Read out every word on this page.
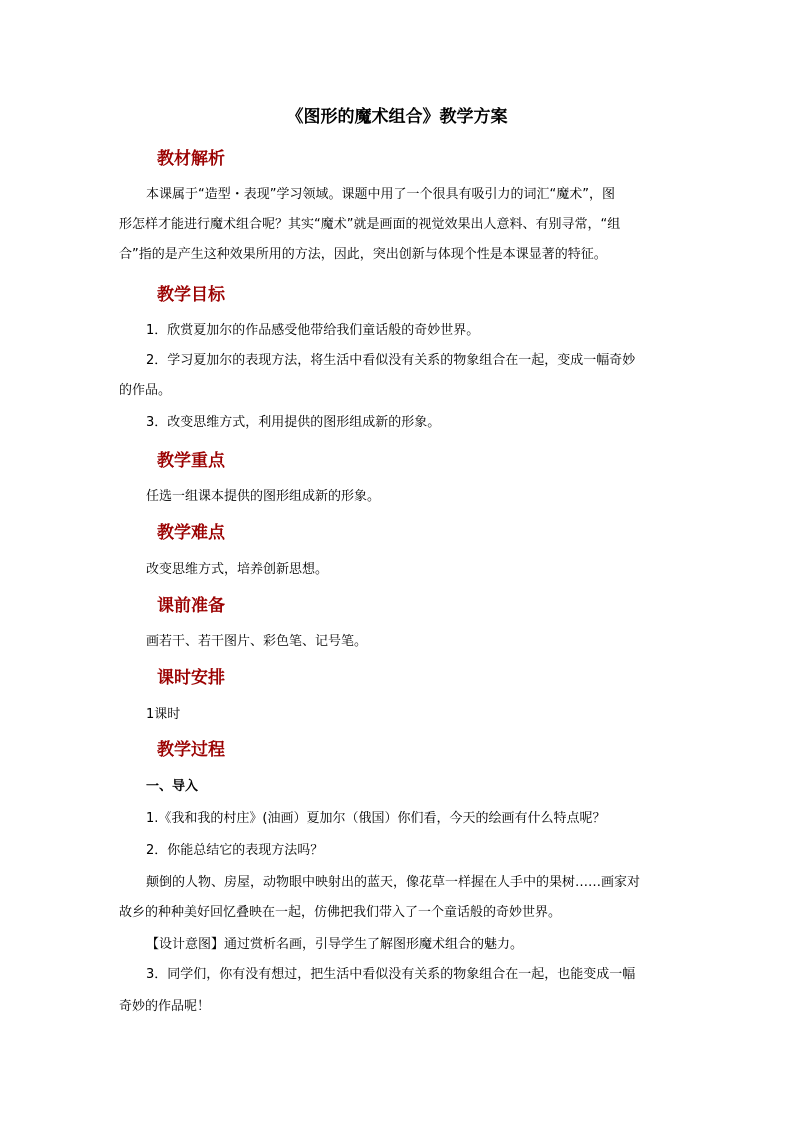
《图形的魔术组合》教学方案
教材解析
本课属于“造型・表现”学习领域。课题中用了一个很具有吸引力的词汇“魔术”，图
形怎样才能进行魔术组合呢？其实“魔术”就是画面的视觉效果出人意料、有别寻常，“组
合”指的是产生这种效果所用的方法，因此，突出创新与体现个性是本课显著的特征。
教学目标
1．欣赏夏加尔的作品感受他带给我们童话般的奇妙世界。
2．学习夏加尔的表现方法，将生活中看似没有关系的物象组合在一起，变成一幅奇妙
的作品。
3．改变思维方式，利用提供的图形组成新的形象。
教学重点
任选一组课本提供的图形组成新的形象。
教学难点
改变思维方式，培养创新思想。
课前准备
画若干、若干图片、彩色笔、记号笔。
课时安排
1课时
教学过程
一、导入
1.《我和我的村庄》(油画）夏加尔（俄国）你们看，今天的绘画有什么特点呢？
2．你能总结它的表现方法吗？
颠倒的人物、房屋，动物眼中映射出的蓝天，像花草一样握在人手中的果树……画家对
故乡的种种美好回忆叠映在一起，仿佛把我们带入了一个童话般的奇妙世界。
【设计意图】通过赏析名画，引导学生了解图形魔术组合的魅力。
3．同学们，你有没有想过，把生活中看似没有关系的物象组合在一起，也能变成一幅
奇妙的作品呢！
